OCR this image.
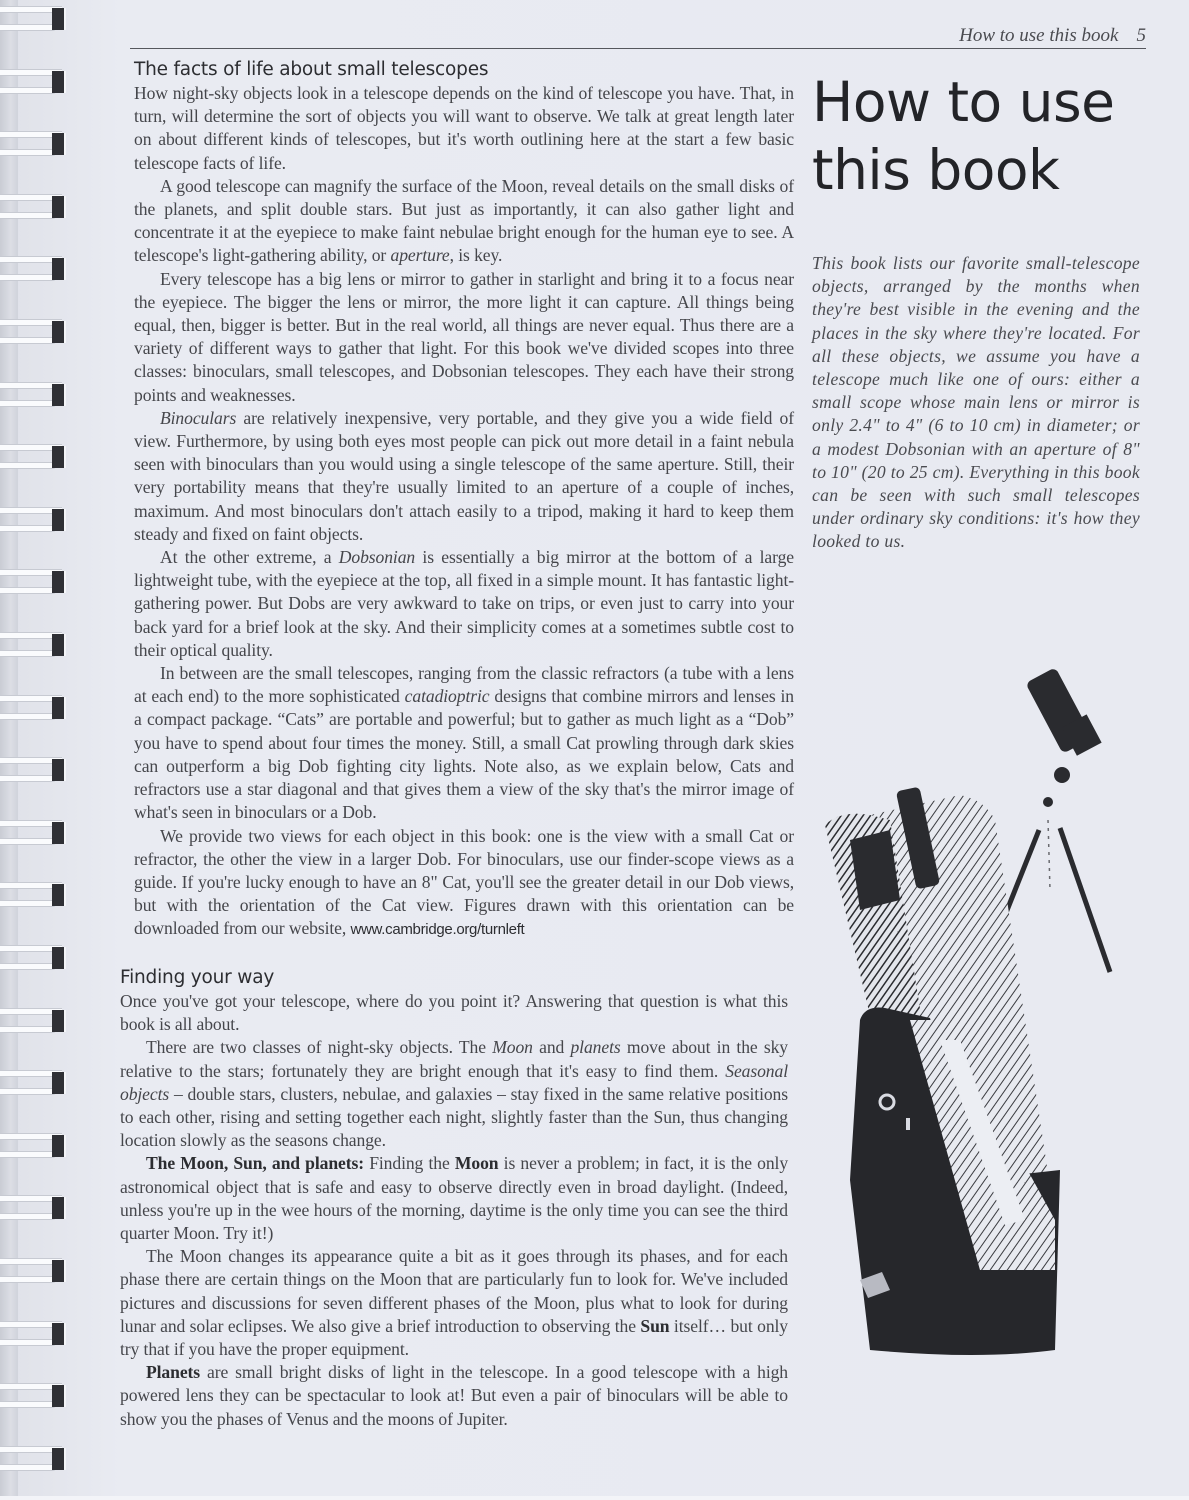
How to use this book 5
The facts of life about small telescopes

How night-sky objects look in a telescope depends on the kind of telescope you have. That, in turn, will determine the sort of objects you will want to observe. We talk at great length later on about different kinds of telescopes, but it's worth outlining here at the start a few basic telescope facts of life.

A good telescope can magnify the surface of the Moon, reveal details on the small disks of the planets, and split double stars. But just as importantly, it can also gather light and concentrate it at the eyepiece to make faint nebulae bright enough for the human eye to see. A telescope's light-gathering ability, or aperture, is key.

Every telescope has a big lens or mirror to gather in starlight and bring it to a focus near the eyepiece. The bigger the lens or mirror, the more light it can capture. All things being equal, then, bigger is better. But in the real world, all things are never equal. Thus there are a variety of different ways to gather that light. For this book we've divided scopes into three classes: binoculars, small telescopes, and Dobsonian telescopes. They each have their strong points and weaknesses.

Binoculars are relatively inexpensive, very portable, and they give you a wide field of view. Furthermore, by using both eyes most people can pick out more detail in a faint nebula seen with binoculars than you would using a single telescope of the same aperture. Still, their very portability means that they're usually limited to an aperture of a couple of inches, maximum. And most binoculars don't attach easily to a tripod, making it hard to keep them steady and fixed on faint objects.

At the other extreme, a Dobsonian is essentially a big mirror at the bottom of a large lightweight tube, with the eyepiece at the top, all fixed in a simple mount. It has fantastic light-gathering power. But Dobs are very awkward to take on trips, or even just to carry into your back yard for a brief look at the sky. And their simplicity comes at a sometimes subtle cost to their optical quality.

In between are the small telescopes, ranging from the classic refractors (a tube with a lens at each end) to the more sophisticated catadioptric designs that combine mirrors and lenses in a compact package. “Cats” are portable and powerful; but to gather as much light as a “Dob” you have to spend about four times the money. Still, a small Cat prowling through dark skies can outperform a big Dob fighting city lights. Note also, as we explain below, Cats and refractors use a star diagonal and that gives them a view of the sky that's the mirror image of what's seen in binoculars or a Dob.

We provide two views for each object in this book: one is the view with a small Cat or refractor, the other the view in a larger Dob. For binoculars, use our finder-scope views as a guide. If you're lucky enough to have an 8" Cat, you'll see the greater detail in our Dob views, but with the orientation of the Cat view. Figures drawn with this orientation can be downloaded from our website, www.cambridge.org/turnleft

Finding your way

Once you've got your telescope, where do you point it? Answering that question is what this book is all about.

There are two classes of night-sky objects. The Moon and planets move about in the sky relative to the stars; fortunately they are bright enough that it's easy to find them. Seasonal objects – double stars, clusters, nebulae, and galaxies – stay fixed in the same relative positions to each other, rising and setting together each night, slightly faster than the Sun, thus changing location slowly as the seasons change.

The Moon, Sun, and planets: Finding the Moon is never a problem; in fact, it is the only astronomical object that is safe and easy to observe directly even in broad daylight. (Indeed, unless you're up in the wee hours of the morning, daytime is the only time you can see the third quarter Moon. Try it!)

The Moon changes its appearance quite a bit as it goes through its phases, and for each phase there are certain things on the Moon that are particularly fun to look for. We've included pictures and discussions for seven different phases of the Moon, plus what to look for during lunar and solar eclipses. We also give a brief introduction to observing the Sun itself… but only try that if you have the proper equipment.

Planets are small bright disks of light in the telescope. In a good telescope with a high powered lens they can be spectacular to look at! But even a pair of binoculars will be able to show you the phases of Venus and the moons of Jupiter.

How to use
this book

This book lists our favorite small-telescope objects, arranged by the months when they're best visible in the evening and the places in the sky where they're located. For all these objects, we assume you have a telescope much like one of ours: either a small scope whose main lens or mirror is only 2.4" to 4" (6 to 10 cm) in diameter; or a modest Dobsonian with an aperture of 8" to 10" (20 to 25 cm). Everything in this book can be seen with such small telescopes under ordinary sky conditions: it's how they looked to us.
